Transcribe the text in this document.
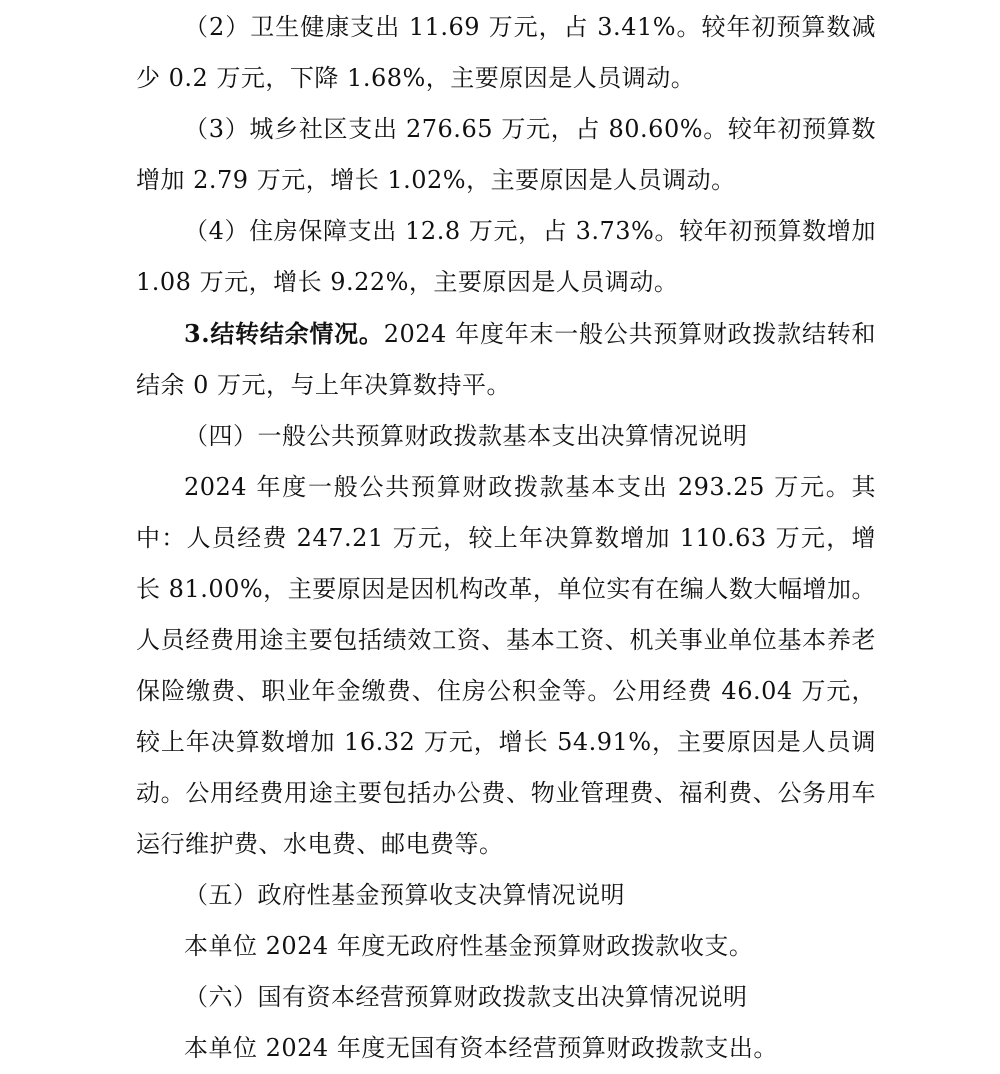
（2）卫生健康支出 11.69 万元，占 3.41%。较年初预算数减少 0.2 万元，下降 1.68%，主要原因是人员调动。

（3）城乡社区支出 276.65 万元，占 80.60%。较年初预算数增加 2.79 万元，增长 1.02%，主要原因是人员调动。

（4）住房保障支出 12.8 万元，占 3.73%。较年初预算数增加 1.08 万元，增长 9.22%，主要原因是人员调动。

3.结转结余情况。2024 年度年末一般公共预算财政拨款结转和结余 0 万元，与上年决算数持平。

（四）一般公共预算财政拨款基本支出决算情况说明

2024 年度一般公共预算财政拨款基本支出 293.25 万元。其中：人员经费 247.21 万元，较上年决算数增加 110.63 万元，增长 81.00%，主要原因是因机构改革，单位实有在编人数大幅增加。人员经费用途主要包括绩效工资、基本工资、机关事业单位基本养老保险缴费、职业年金缴费、住房公积金等。公用经费 46.04 万元，较上年决算数增加 16.32 万元，增长 54.91%，主要原因是人员调动。公用经费用途主要包括办公费、物业管理费、福利费、公务用车运行维护费、水电费、邮电费等。

（五）政府性基金预算收支决算情况说明

本单位 2024 年度无政府性基金预算财政拨款收支。

（六）国有资本经营预算财政拨款支出决算情况说明

本单位 2024 年度无国有资本经营预算财政拨款支出。
